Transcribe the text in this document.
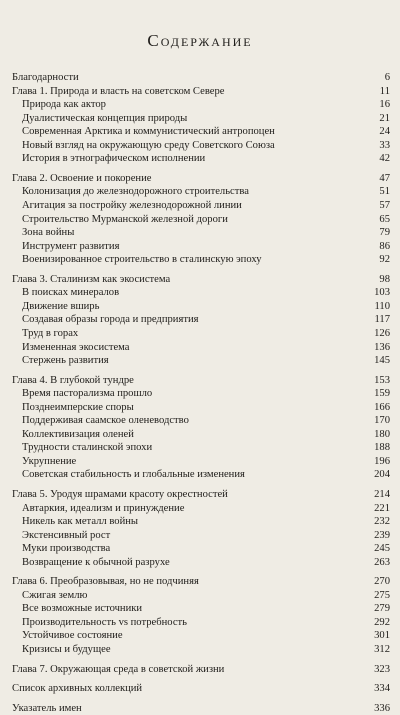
Содержание
Благодарности	6
Глава 1. Природа и власть на советском Севере	11
Природа как актор	16
Дуалистическая концепция природы	21
Современная Арктика и коммунистический антропоцен	24
Новый взгляд на окружающую среду Советского Союза	33
История в этнографическом исполнении	42
Глава 2. Освоение и покорение	47
Колонизация до железнодорожного строительства	51
Агитация за постройку железнодорожной линии	57
Строительство Мурманской железной дороги	65
Зона войны	79
Инструмент развития	86
Военизированное строительство в сталинскую эпоху	92
Глава 3. Сталинизм как экосистема	98
В поисках минералов	103
Движение вширь	110
Создавая образы города и предприятия	117
Труд в горах	126
Измененная экосистема	136
Стержень развития	145
Глава 4. В глубокой тундре	153
Время пасторализма прошло	159
Позднеимперские споры	166
Поддерживая саамское оленеводство	170
Коллективизация оленей	180
Трудности сталинской эпохи	188
Укрупнение	196
Советская стабильность и глобальные изменения	204
Глава 5. Уродуя шрамами красоту окрестностей	214
Автаркия, идеализм и принуждение	221
Никель как металл войны	232
Экстенсивный рост	239
Муки производства	245
Возвращение к обычной разрухе	263
Глава 6. Преобразовывая, но не подчиняя	270
Сжигая землю	275
Все возможные источники	279
Производительность vs потребность	292
Устойчивое состояние	301
Кризисы и будущее	312
Глава 7. Окружающая среда в советской жизни	323
Список архивных коллекций	334
Указатель имен	336
